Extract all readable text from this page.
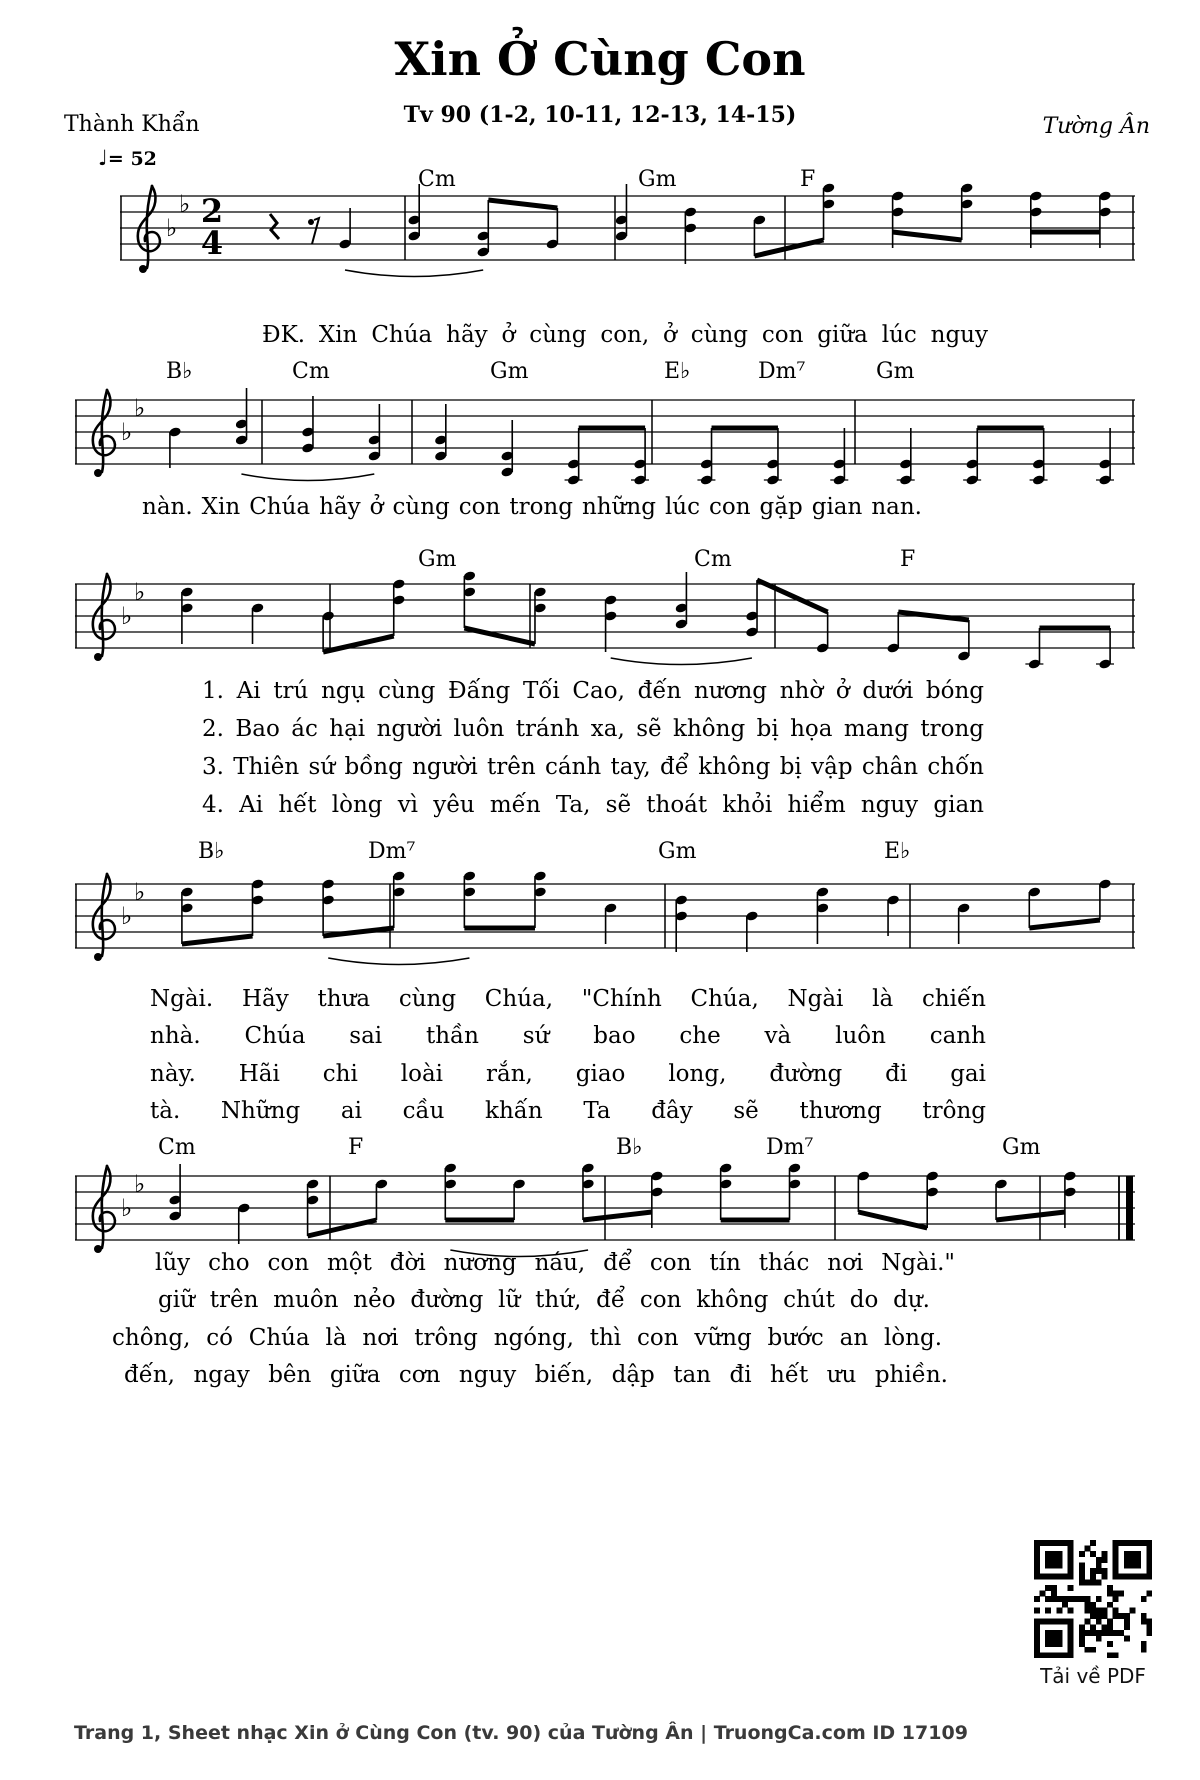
Xin Ở Cùng Con
Tv 90 (1-2, 10-11, 12-13, 14-15)
Thành Khẩn	Tường Ân
♩= 52
Cm	Gm	F
B♭	Cm	Gm	E♭	Dm⁷	Gm
Gm	Cm	F
B♭	Dm⁷	Gm	E♭
Cm	F	B♭	Dm⁷	Gm
♭
♭ 2
4
♭
♭
♭
♭
♭
♭
♭
♭
ĐK. Xin Chúa hãy ở cùng con, ở cùng con giữa lúc nguy
nàn. Xin Chúa hãy ở cùng con trong những lúc con gặp gian nan.
1. Ai trú ngụ cùng Đấng Tối Cao, đến nương nhờ ở dưới bóng
2. Bao ác hại người luôn tránh xa, sẽ không bị họa mang trong
3. Thiên sứ bồng người trên cánh tay, để không bị vập chân chốn
4. Ai hết lòng vì yêu mến Ta, sẽ thoát khỏi hiểm nguy gian
Ngài. Hãy thưa cùng Chúa, "Chính Chúa, Ngài là chiến
nhà. Chúa sai thần sứ bao che và luôn canh
này. Hãi chi loài rắn, giao long, đường đi gai
tà. Những ai cầu khấn Ta đây sẽ thương trông
lũy cho con một đời nương náu, để con tín thác nơi Ngài."
giữ trên muôn nẻo đường lữ thứ, để con không chút do dự.
chông, có Chúa là nơi trông ngóng, thì con vững bước an lòng.
đến, ngay bên giữa cơn nguy biến, dập tan đi hết ưu phiền.
Tải về PDF
Trang 1, Sheet nhạc Xin ở Cùng Con (tv. 90) của Tường Ân | TruongCa.com ID 17109
